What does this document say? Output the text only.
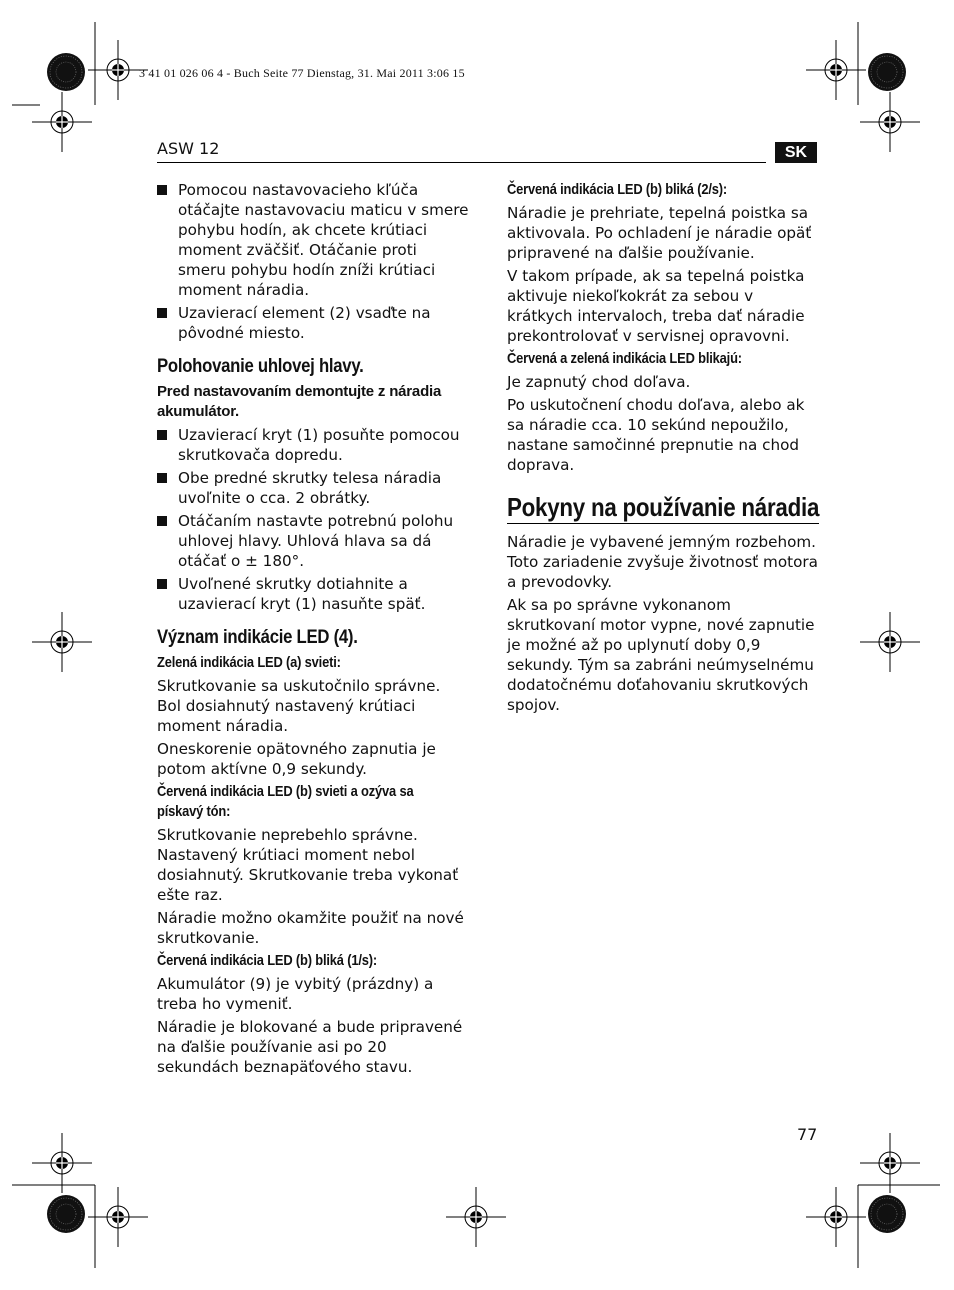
3 41 01 026 06 4 - Buch Seite 77 Dienstag, 31. Mai 2011 3:06 15
ASW 12	SK
Pomocou nastavovacieho kľúča otáčajte nastavovaciu maticu v smere pohybu hodín, ak chcete krútiaci moment zväčšiť. Otáčanie proti smeru pohybu hodín zníži krútiaci moment náradia.
Uzavierací element (2) vsaďte na pôvodné miesto.
Polohovanie uhlovej hlavy.
Pred nastavovaním demontujte z náradia akumulátor.
Uzavierací kryt (1) posuňte pomocou skrutkovača dopredu.
Obe predné skrutky telesa náradia uvoľnite o cca. 2 obrátky.
Otáčaním nastavte potrebnú polohu uhlovej hlavy. Uhlová hlava sa dá otáčať o ± 180°.
Uvoľnené skrutky dotiahnite a uzavierací kryt (1) nasuňte späť.
Význam indikácie LED (4).
Zelená indikácia LED (a) svieti:

Skrutkovanie sa uskutočnilo správne. Bol dosiahnutý nastavený krútiaci moment náradia.

Oneskorenie opätovného zapnutia je potom aktívne 0,9 sekundy.

Červená indikácia LED (b) svieti a ozýva sa
pískavý tón:

Skrutkovanie neprebehlo správne. Nastavený krútiaci moment nebol dosiahnutý. Skrutkovanie treba vykonať ešte raz.

Náradie možno okamžite použiť na nové skrutkovanie.

Červená indikácia LED (b) bliká (1/s):

Akumulátor (9) je vybitý (prázdny) a treba ho vymeniť.

Náradie je blokované a bude pripravené na ďalšie používanie asi po 20 sekundách beznapäťového stavu.

Červená indikácia LED (b) bliká (2/s):

Náradie je prehriate, tepelná poistka sa aktivovala. Po ochladení je náradie opäť pripravené na ďalšie používanie.

V takom prípade, ak sa tepelná poistka aktivuje niekoľkokrát za sebou v krátkych intervaloch, treba dať náradie prekontrolovať v servisnej opravovni.

Červená a zelená indikácia LED blikajú:

Je zapnutý chod doľava.

Po uskutočnení chodu doľava, alebo ak sa náradie cca. 10 sekúnd nepoužilo, nastane samočinné prepnutie na chod doprava.

Pokyny na používanie náradia

Náradie je vybavené jemným rozbehom. Toto zariadenie zvyšuje životnosť motora a prevodovky.

Ak sa po správne vykonanom skrutkovaní motor vypne, nové zapnutie je možné až po uplynutí doby 0,9 sekundy. Tým sa zabráni neúmyselnému dodatočnému doťahovaniu skrutkových spojov.

77
